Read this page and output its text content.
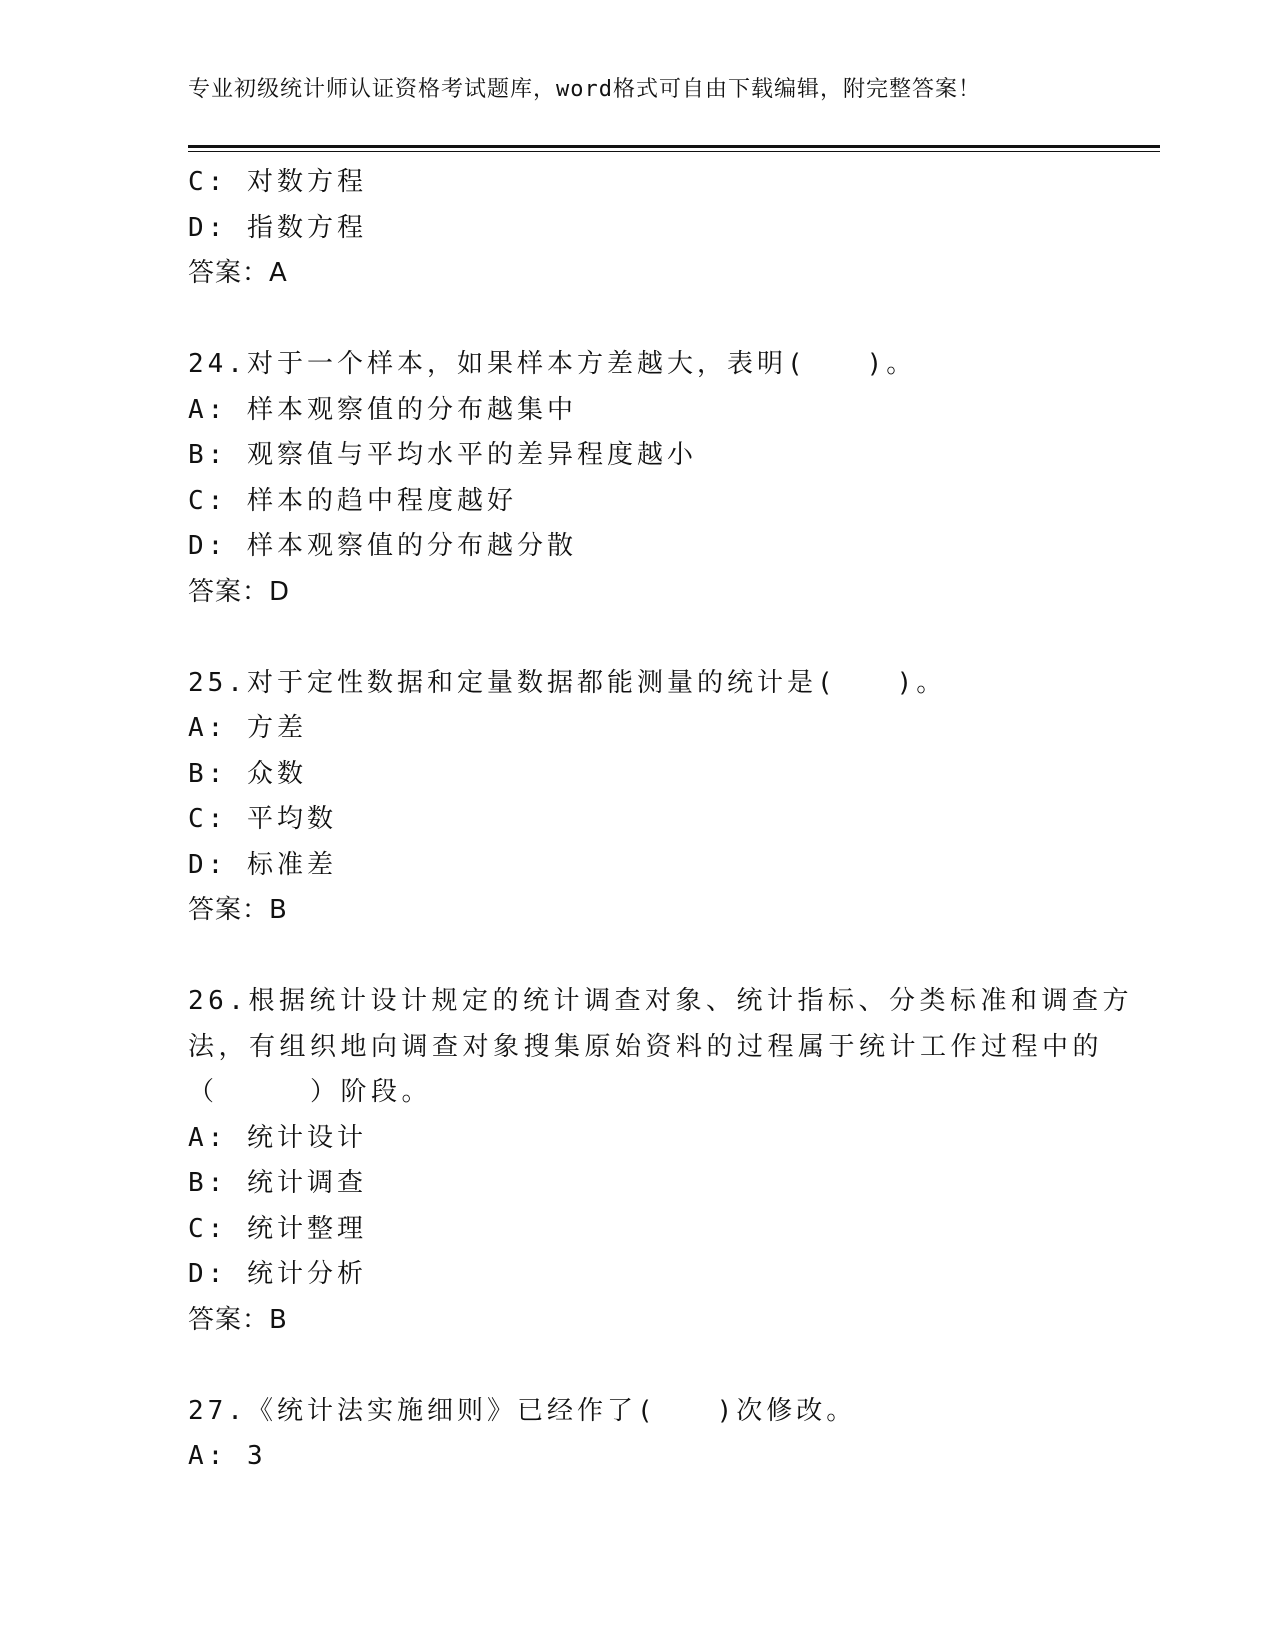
专业初级统计师认证资格考试题库，word格式可自由下载编辑，附完整答案！
C: 对数方程
D: 指数方程
答案：A
24.对于一个样本，如果样本方差越大，表明(　　)。
A: 样本观察值的分布越集中
B: 观察值与平均水平的差异程度越小
C: 样本的趋中程度越好
D: 样本观察值的分布越分散
答案：D
25.对于定性数据和定量数据都能测量的统计是(　　)。
A: 方差
B: 众数
C: 平均数
D: 标准差
答案：B
26.根据统计设计规定的统计调查对象、统计指标、分类标准和调查方
法，有组织地向调查对象搜集原始资料的过程属于统计工作过程中的
（　　　）阶段。
A: 统计设计
B: 统计调查
C: 统计整理
D: 统计分析
答案：B
27.《统计法实施细则》已经作了(　　)次修改。
A: 3
